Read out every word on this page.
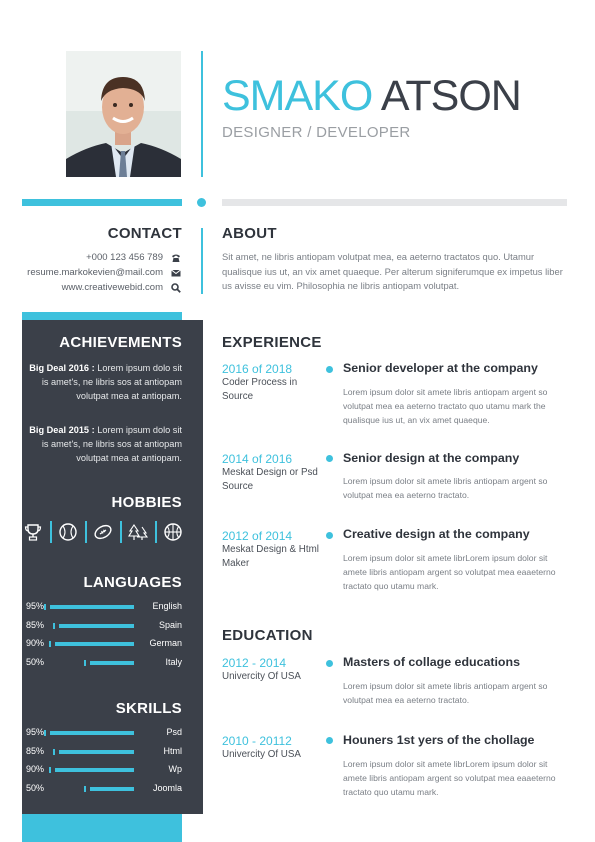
SMAKO ATSON
DESIGNER / DEVELOPER
CONTACT
+000 123 456 789
resume.markokevien@mail.com
www.creativewebid.com
ABOUT
Sit amet, ne libris antiopam volutpat mea, ea aeterno tractatos quo. Utamur qualisque ius ut, an vix amet quaeque. Per alterum signiferumque ex impetus liber us avisse eu vim. Philosophia ne libris antiopam volutpat.
ACHIEVEMENTS
Big Deal 2016 : Lorem ipsum dolo sit is amet's, ne libris sos at antiopam volutpat mea at antiopam.
Big Deal 2015 : Lorem ipsum dolo sit is amet's, ne libris sos at antiopam volutpat mea at antiopam.
HOBBIES
LANGUAGES
95%	English
85%	Spain
90%	German
50%	Italy
SKRILLS
95%	Psd
85%	Html
90%	Wp
50%	Joomla
EXPERIENCE
2016 of 2018
Coder Process in Source
Senior developer at the company
Lorem ipsum dolor sit amete libris antiopam argent so volutpat mea ea aeterno tractato quo utamu mark the qualisque ius ut, an vix amet quaeque.
2014 of 2016
Meskat Design or Psd Source
Senior design at the company
Lorem ipsum dolor sit amete libris antiopam argent so volutpat mea ea aeterno tractato.
2012 of 2014
Meskat Design & Html Maker
Creative design at the company
Lorem ipsum dolor sit amete librLorem ipsum dolor sit amete libris antiopam argent so volutpat mea eaaeterno tractato quo utamu mark.
EDUCATION
2012 - 2014
Univercity Of USA
Masters of collage educations
Lorem ipsum dolor sit amete libris antiopam argent so volutpat mea ea aeterno tractato.
2010 - 20112
Univercity Of USA
Houners 1st yers of the chollage
Lorem ipsum dolor sit amete librLorem ipsum dolor sit amete libris antiopam argent so volutpat mea eaaeterno tractato quo utamu mark.
